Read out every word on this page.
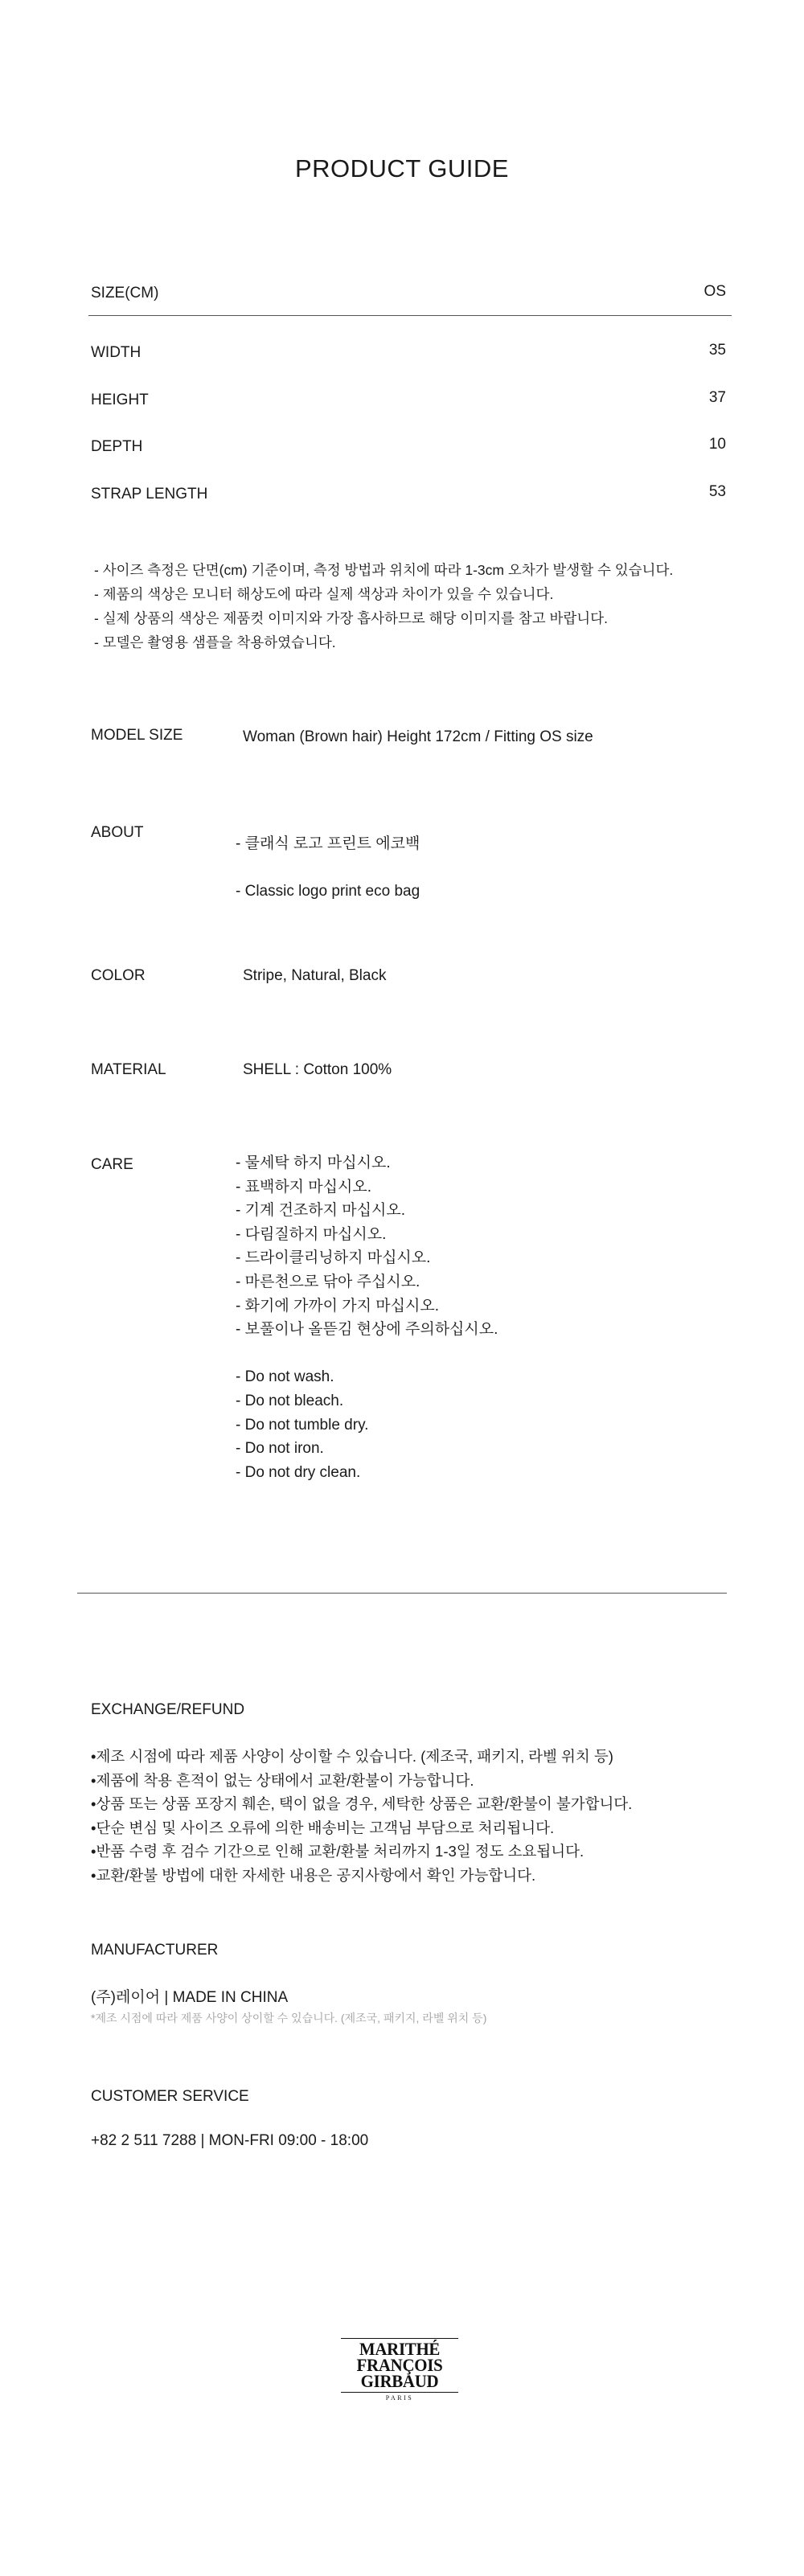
PRODUCT GUIDE
SIZE(CM)	OS
WIDTH	35
HEIGHT	37
DEPTH	10
STRAP LENGTH	53
- 사이즈 측정은 단면(cm) 기준이며, 측정 방법과 위치에 따라 1-3cm 오차가 발생할 수 있습니다.
- 제품의 색상은 모니터 해상도에 따라 실제 색상과 차이가 있을 수 있습니다.
- 실제 상품의 색상은 제품컷 이미지와 가장 흡사하므로 해당 이미지를 참고 바랍니다.
- 모델은 촬영용 샘플을 착용하였습니다.
MODEL SIZE	Woman (Brown hair) Height 172cm / Fitting OS size
ABOUT
- 클래식 로고 프린트 에코백
- Classic logo print eco bag
COLOR	Stripe, Natural, Black
MATERIAL	SHELL : Cotton 100%
CARE	- 물세탁 하지 마십시오.
- 표백하지 마십시오.
- 기계 건조하지 마십시오.
- 다림질하지 마십시오.
- 드라이클리닝하지 마십시오.
- 마른천으로 닦아 주십시오.
- 화기에 가까이 가지 마십시오.
- 보풀이나 올뜯김 현상에 주의하십시오.
- Do not wash.
- Do not bleach.
- Do not tumble dry.
- Do not iron.
- Do not dry clean.
EXCHANGE/REFUND
•제조 시점에 따라 제품 사양이 상이할 수 있습니다. (제조국, 패키지, 라벨 위치 등)
•제품에 착용 흔적이 없는 상태에서 교환/환불이 가능합니다.
•상품 또는 상품 포장지 훼손, 택이 없을 경우, 세탁한 상품은 교환/환불이 불가합니다.
•단순 변심 및 사이즈 오류에 의한 배송비는 고객님 부담으로 처리됩니다.
•반품 수령 후 검수 기간으로 인해 교환/환불 처리까지 1-3일 정도 소요됩니다.
•교환/환불 방법에 대한 자세한 내용은 공지사항에서 확인 가능합니다.
MANUFACTURER
(주)레이어 | MADE IN CHINA
*제조 시점에 따라 제품 사양이 상이할 수 있습니다. (제조국, 패키지, 라벨 위치 등)
CUSTOMER SERVICE
+82 2 511 7288 | MON-FRI 09:00 - 18:00
MARITHÉ
FRANÇOIS
GIRBAUD
PARIS
